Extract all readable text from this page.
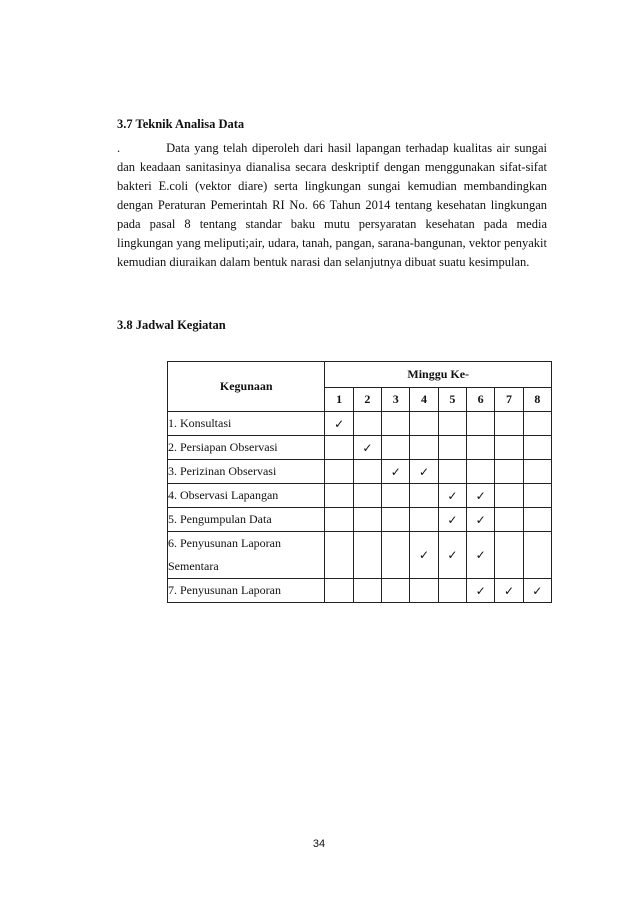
3.7 Teknik Analisa Data

.	Data yang telah diperoleh dari hasil lapangan terhadap kualitas air sungai dan keadaan sanitasinya dianalisa secara deskriptif dengan menggunakan sifat-sifat bakteri E.coli (vektor diare) serta lingkungan sungai kemudian membandingkan dengan Peraturan Pemerintah RI No. 66 Tahun 2014 tentang kesehatan lingkungan pada pasal 8 tentang standar baku mutu persyaratan kesehatan pada media lingkungan yang meliputi;air, udara, tanah, pangan, sarana-bangunan, vektor penyakit kemudian diuraikan dalam bentuk narasi dan selanjutnya dibuat suatu kesimpulan.

3.8 Jadwal Kegiatan
Kegunaan	Minggu Ke-							
	1	2	3	4	5	6	7	8
1. Konsultasi	✓							
2. Persiapan Observasi		✓						
3. Perizinan Observasi			✓	✓				
4. Observasi Lapangan					✓	✓		
5. Pengumpulan Data					✓	✓		
6. Penyusunan Laporan
Sementara				✓	✓	✓		
7. Penyusunan Laporan						✓	✓	✓
34
